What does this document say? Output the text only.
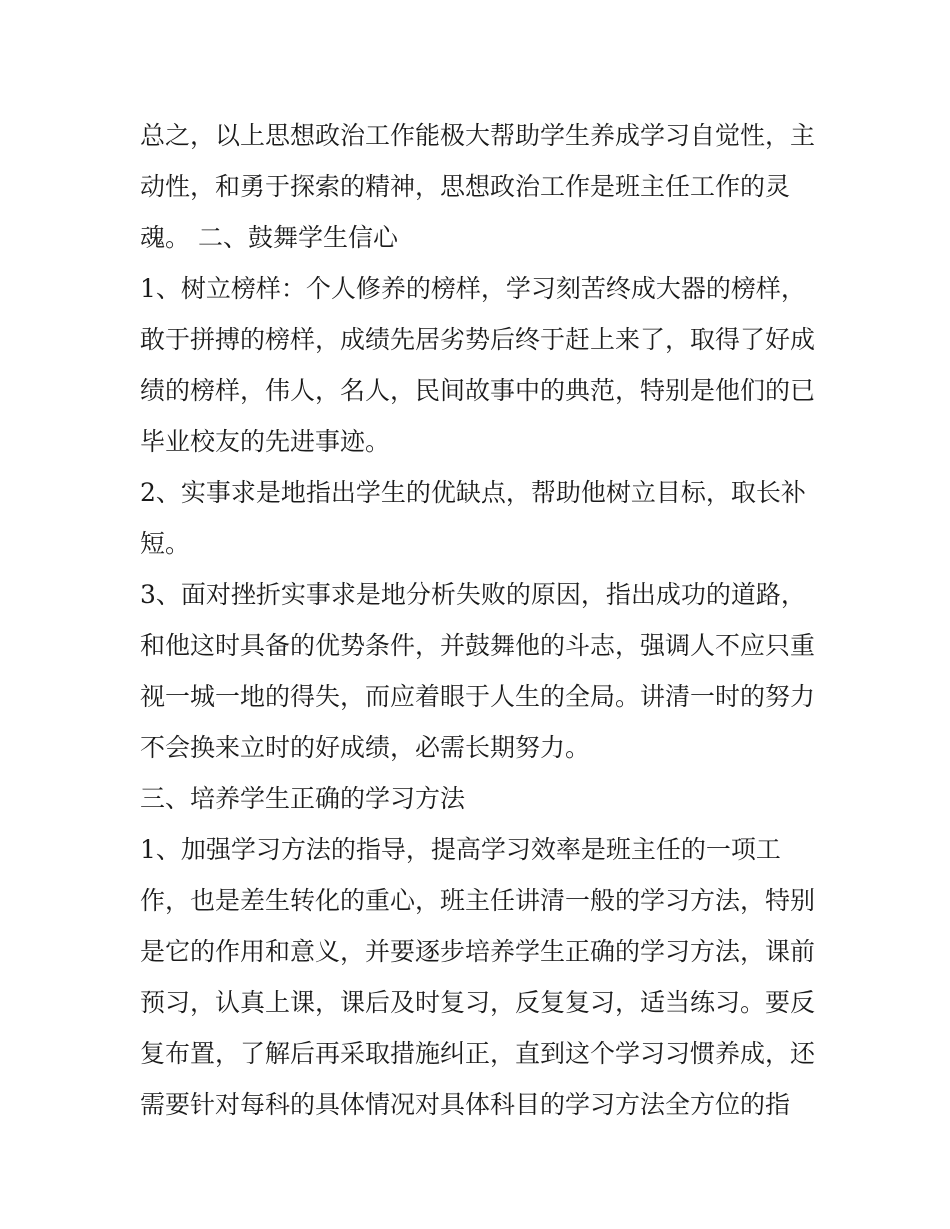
总之，以上思想政治工作能极大帮助学生养成学习自觉性，主
动性，和勇于探索的精神，思想政治工作是班主任工作的灵
魂。 二、鼓舞学生信心
1、树立榜样：个人修养的榜样，学习刻苦终成大器的榜样，
敢于拼搏的榜样，成绩先居劣势后终于赶上来了，取得了好成
绩的榜样，伟人，名人，民间故事中的典范，特别是他们的已
毕业校友的先进事迹。
2、实事求是地指出学生的优缺点，帮助他树立目标，取长补
短。
3、面对挫折实事求是地分析失败的原因，指出成功的道路，
和他这时具备的优势条件，并鼓舞他的斗志，强调人不应只重
视一城一地的得失，而应着眼于人生的全局。讲清一时的努力
不会换来立时的好成绩，必需长期努力。
三、培养学生正确的学习方法
1、加强学习方法的指导，提高学习效率是班主任的一项工
作，也是差生转化的重心，班主任讲清一般的学习方法，特别
是它的作用和意义，并要逐步培养学生正确的学习方法，课前
预习，认真上课，课后及时复习，反复复习，适当练习。要反
复布置，了解后再采取措施纠正，直到这个学习习惯养成，还
需要针对每科的具体情况对具体科目的学习方法全方位的指
